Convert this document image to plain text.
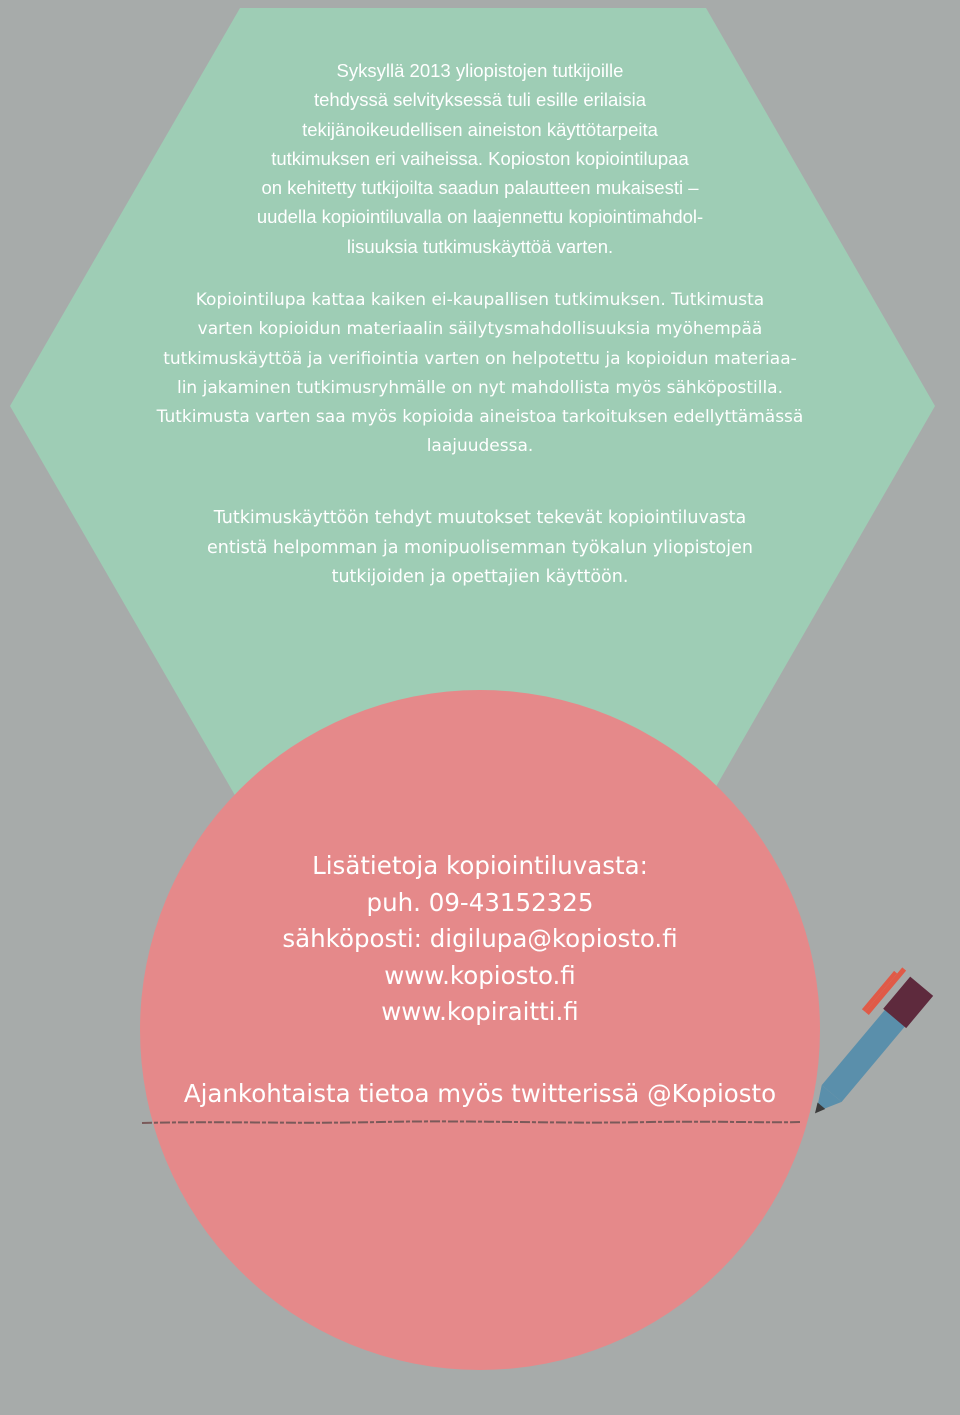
Syksyllä 2013 yliopistojen tutkijoille
tehdyssä selvityksessä tuli esille erilaisia
tekijänoikeudellisen aineiston käyttötarpeita
tutkimuksen eri vaiheissa. Kopioston kopiointilupaa
on kehitetty tutkijoilta saadun palautteen mukaisesti –
uudella kopiointiluvalla on laajennettu kopiointimahdol-
lisuuksia tutkimuskäyttöä varten.
Kopiointilupa kattaa kaiken ei-kaupallisen tutkimuksen. Tutkimusta
varten kopioidun materiaalin säilytysmahdollisuuksia myöhempää
tutkimuskäyttöä ja verifiointia varten on helpotettu ja kopioidun materiaa-
lin jakaminen tutkimusryhmälle on nyt mahdollista myös sähköpostilla.
Tutkimusta varten saa myös kopioida aineistoa tarkoituksen edellyttämässä
laajuudessa.
Tutkimuskäyttöön tehdyt muutokset tekevät kopiointiluvasta
entistä helpomman ja monipuolisemman työkalun yliopistojen
tutkijoiden ja opettajien käyttöön.
Lisätietoja kopiointiluvasta:
puh. 09-43152325
sähköposti: digilupa@kopiosto.fi
www.kopiosto.fi
www.kopiraitti.fi
Ajankohtaista tietoa myös twitterissä @Kopiosto
